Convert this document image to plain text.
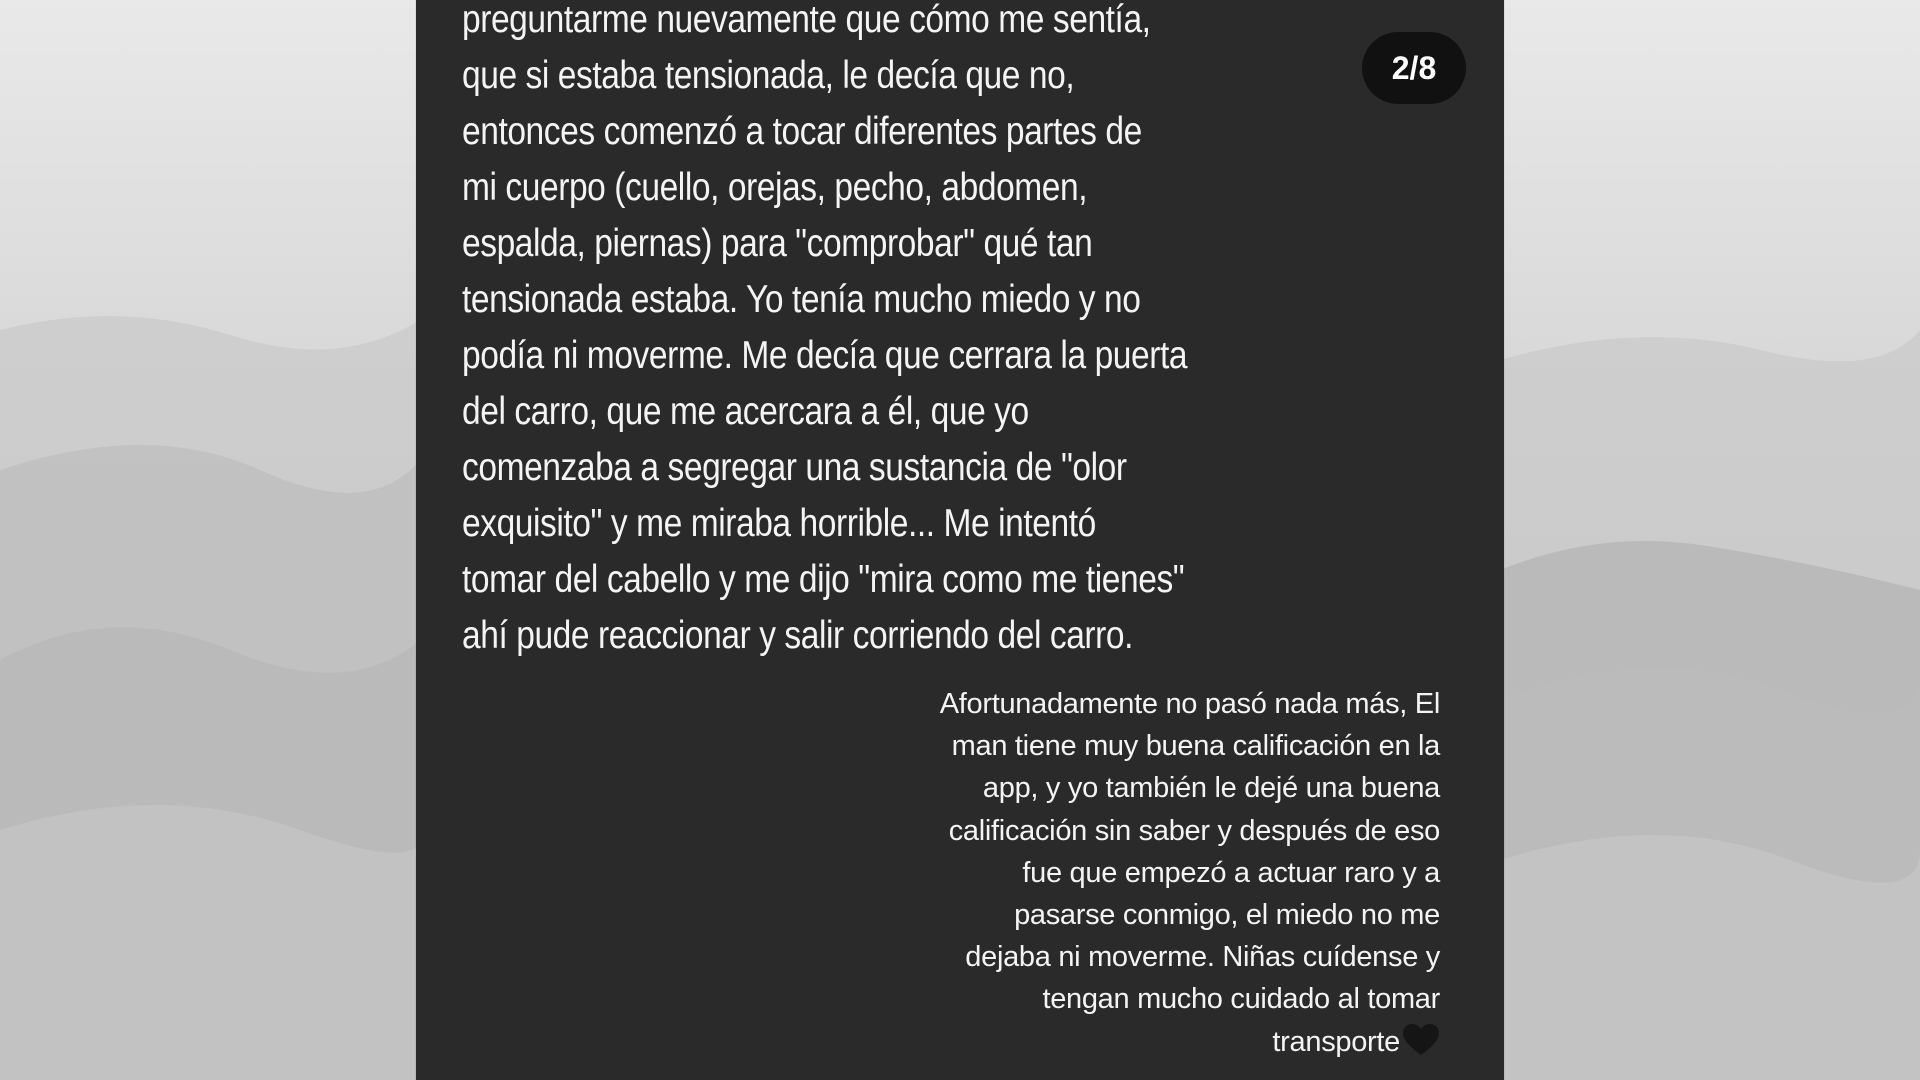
preguntarme nuevamente que cómo me sentía,
que si estaba tensionada, le decía que no,
entonces comenzó a tocar diferentes partes de
mi cuerpo (cuello, orejas, pecho, abdomen,
espalda, piernas) para "comprobar" qué tan
tensionada estaba. Yo tenía mucho miedo y no
podía ni moverme. Me decía que cerrara la puerta
del carro, que me acercara a él, que yo
comenzaba a segregar una sustancia de "olor
exquisito" y me miraba horrible... Me intentó
tomar del cabello y me dijo "mira como me tienes"
ahí pude reaccionar y salir corriendo del carro.

2/8

Afortunadamente no pasó nada más, El
man tiene muy buena calificación en la
app, y yo también le dejé una buena
calificación sin saber y después de eso
fue que empezó a actuar raro y a
pasarse conmigo, el miedo no me
dejaba ni moverme. Niñas cuídense y
tengan mucho cuidado al tomar
transporte
